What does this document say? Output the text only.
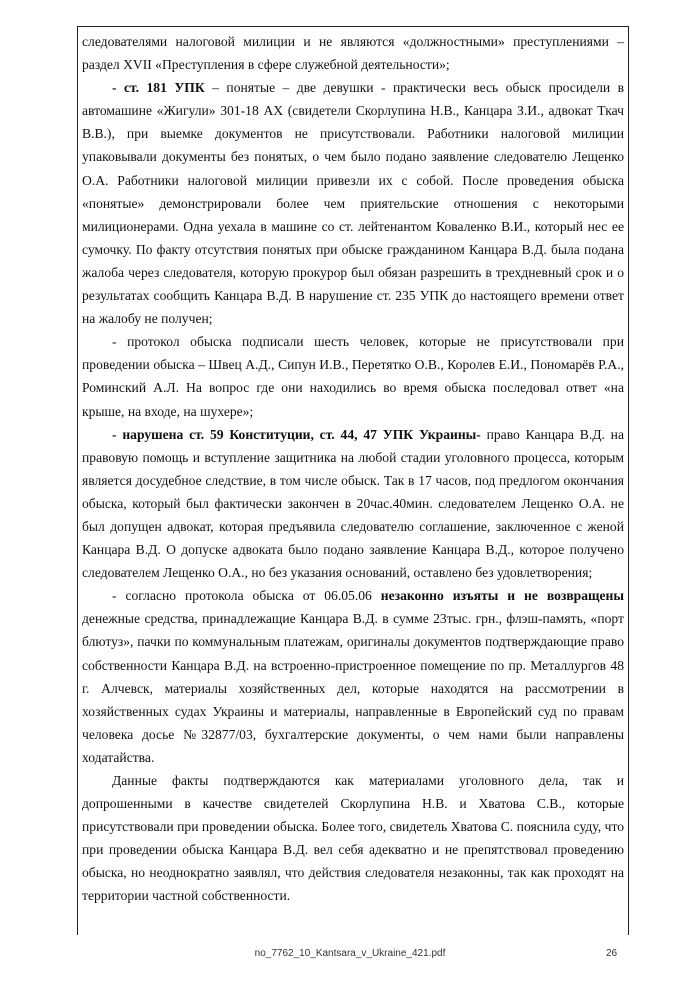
следователями налоговой милиции и не являются «должностными» преступлениями – раздел XVII «Преступления в сфере служебной деятельности»;

- ст. 181 УПК – понятые – две девушки - практически весь обыск просидели в автомашине «Жигули» 301-18 АХ (свидетели Скорлупина Н.В., Канцара З.И., адвокат Ткач В.В.), при выемке документов не присутствовали. Работники налоговой милиции упаковывали документы без понятых, о чем было подано заявление следователю Лещенко О.А. Работники налоговой милиции привезли их с собой. После проведения обыска «понятые» демонстрировали более чем приятельские отношения с некоторыми милиционерами. Одна уехала в машине со ст. лейтенантом Коваленко В.И., который нес ее сумочку. По факту отсутствия понятых при обыске гражданином Канцара В.Д. была подана жалоба через следователя, которую прокурор был обязан разрешить в трехдневный срок и о результатах сообщить Канцара В.Д. В нарушение ст. 235 УПК до настоящего времени ответ на жалобу не получен;

- протокол обыска подписали шесть человек, которые не присутствовали при проведении обыска – Швец А.Д., Сипун И.В., Перетятко О.В., Королев Е.И., Пономарёв Р.А., Роминский А.Л. На вопрос где они находились во время обыска последовал ответ «на крыше, на входе, на шухере»;

- нарушена ст. 59 Конституции, ст. 44, 47 УПК Украины- право Канцара В.Д. на правовую помощь и вступление защитника на любой стадии уголовного процесса, которым является досудебное следствие, в том числе обыск. Так в 17 часов, под предлогом окончания обыска, который был фактически закончен в 20час.40мин. следователем Лещенко О.А. не был допущен адвокат, которая предъявила следователю соглашение, заключенное с женой Канцара В.Д. О допуске адвоката было подано заявление Канцара В.Д., которое получено следователем Лещенко О.А., но без указания оснований, оставлено без удовлетворения;

- согласно протокола обыска от 06.05.06 незаконно изъяты и не возвращены денежные средства, принадлежащие Канцара В.Д. в сумме 23тыс. грн., флэш-память, «порт блютуз», пачки по коммунальным платежам, оригиналы документов подтверждающие право собственности Канцара В.Д. на встроенно-пристроенное помещение по пр. Металлургов 48 г. Алчевск, материалы хозяйственных дел, которые находятся на рассмотрении в хозяйственных судах Украины и материалы, направленные в Европейский суд по правам человека досье №32877/03, бухгалтерские документы, о чем нами были направлены ходатайства.

Данные факты подтверждаются как материалами уголовного дела, так и допрошенными в качестве свидетелей Скорлупина Н.В. и Хватова С.В., которые присутствовали при проведении обыска. Более того, свидетель Хватова С. пояснила суду, что при проведении обыска Канцара В.Д. вел себя адекватно и не препятствовал проведению обыска, но неоднократно заявлял, что действия следователя незаконны, так как проходят на территории частной собственности.

no_7762_10_Kantsara_v_Ukraine_421.pdf	26
